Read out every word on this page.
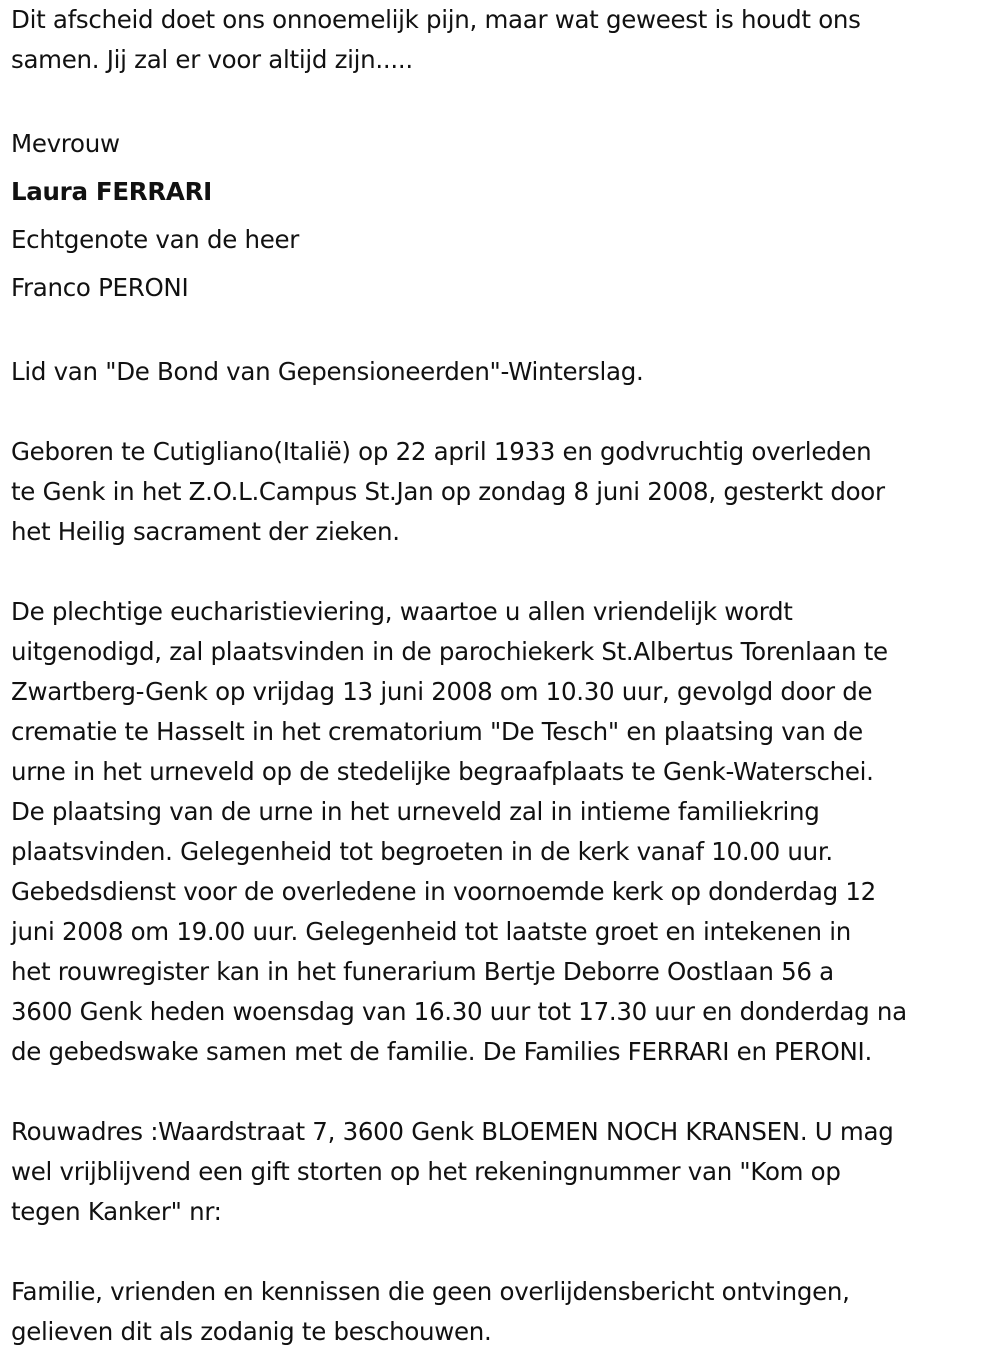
Dit afscheid doet ons onnoemelijk pijn, maar wat geweest is houdt ons
samen. Jij zal er voor altijd zijn.....

Mevrouw

Laura FERRARI

Echtgenote van de heer

Franco PERONI

Lid van "De Bond van Gepensioneerden"-Winterslag.

Geboren te Cutigliano(Italië) op 22 april 1933 en godvruchtig overleden
te Genk in het Z.O.L.Campus St.Jan op zondag 8 juni 2008, gesterkt door
het Heilig sacrament der zieken.

De plechtige eucharistieviering, waartoe u allen vriendelijk wordt
uitgenodigd, zal plaatsvinden in de parochiekerk St.Albertus Torenlaan te
Zwartberg-Genk op vrijdag 13 juni 2008 om 10.30 uur, gevolgd door de
crematie te Hasselt in het crematorium "De Tesch" en plaatsing van de
urne in het urneveld op de stedelijke begraafplaats te Genk-Waterschei.
De plaatsing van de urne in het urneveld zal in intieme familiekring
plaatsvinden. Gelegenheid tot begroeten in de kerk vanaf 10.00 uur.
Gebedsdienst voor de overledene in voornoemde kerk op donderdag 12
juni 2008 om 19.00 uur. Gelegenheid tot laatste groet en intekenen in
het rouwregister kan in het funerarium Bertje Deborre Oostlaan 56 a
3600 Genk heden woensdag van 16.30 uur tot 17.30 uur en donderdag na
de gebedswake samen met de familie. De Families FERRARI en PERONI.

Rouwadres :Waardstraat 7, 3600 Genk BLOEMEN NOCH KRANSEN. U mag
wel vrijblijvend een gift storten op het rekeningnummer van "Kom op
tegen Kanker" nr:

Familie, vrienden en kennissen die geen overlijdensbericht ontvingen,
gelieven dit als zodanig te beschouwen.
